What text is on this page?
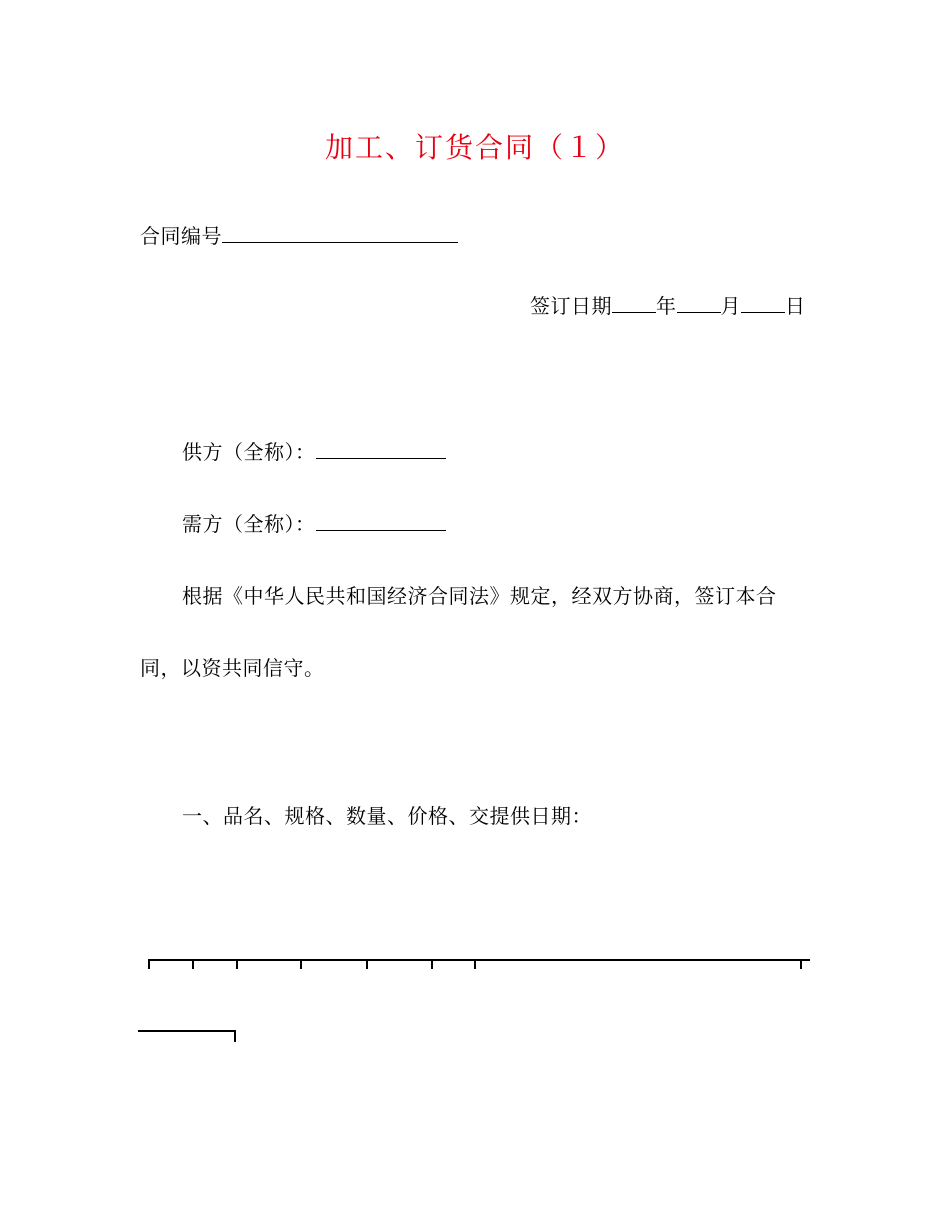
加工、订货合同（１）
合同编号
签订日期 年 月 日
供方（全称）：
需方（全称）：
根据《中华人民共和国经济合同法》规定，经双方协商，签订本合
同，以资共同信守。
一、品名、规格、数量、价格、交提供日期：
